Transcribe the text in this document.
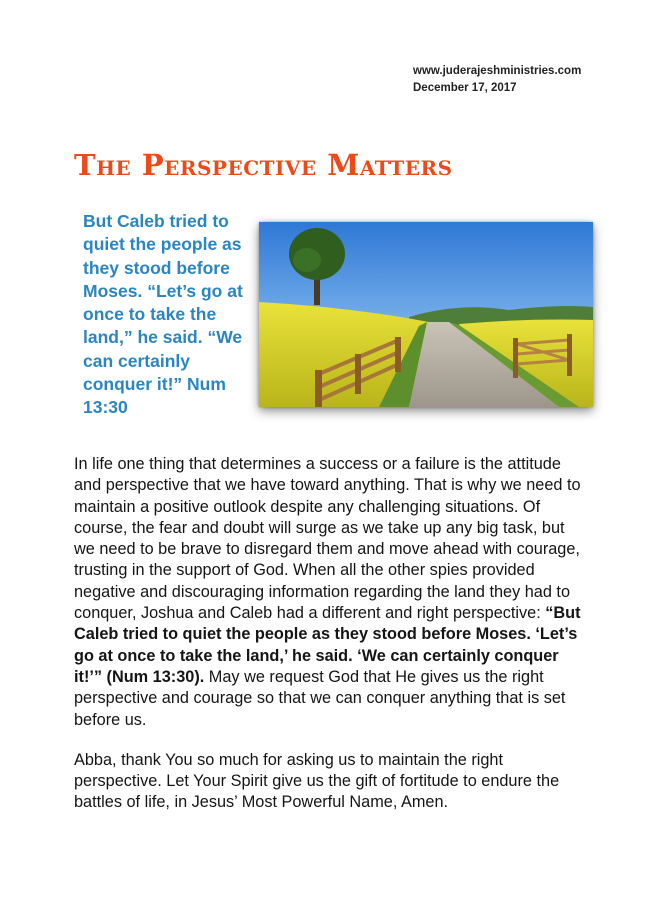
www.juderajeshministries.com
December 17, 2017
The Perspective Matters
But Caleb tried to quiet the people as they stood before Moses. “Let’s go at once to take the land,” he said. “We can certainly conquer it!” Num 13:30

In life one thing that determines a success or a failure is the attitude and perspective that we have toward anything. That is why we need to maintain a positive outlook despite any challenging situations. Of course, the fear and doubt will surge as we take up any big task, but we need to be brave to disregard them and move ahead with courage, trusting in the support of God. When all the other spies provided negative and discouraging information regarding the land they had to conquer, Joshua and Caleb had a different and right perspective: “But Caleb tried to quiet the people as they stood before Moses. ‘Let’s go at once to take the land,’ he said. ‘We can certainly conquer it!’” (Num 13:30). May we request God that He gives us the right perspective and courage so that we can conquer anything that is set before us.

Abba, thank You so much for asking us to maintain the right perspective. Let Your Spirit give us the gift of fortitude to endure the battles of life, in Jesus’ Most Powerful Name, Amen.
